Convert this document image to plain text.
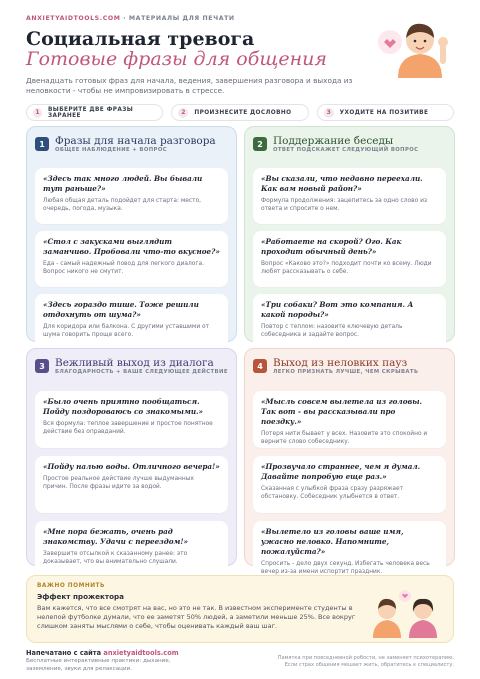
ANXIETYAIDTOOLS.COM · МАТЕРИАЛЫ ДЛЯ ПЕЧАТИ
Социальная тревога
Готовые фразы для общения
Двенадцать готовых фраз для начала, ведения, завершения разговора и выхода из неловкости - чтобы не импровизировать в стрессе.
1	ВЫБЕРИТЕ ДВЕ ФРАЗЫ ЗАРАНЕЕ	2	ПРОИЗНЕСИТЕ ДОСЛОВНО	3	УХОДИТЕ НА ПОЗИТИВЕ
1 Фразы для начала разговора
ОБЩЕЕ НАБЛЮДЕНИЕ + ВОПРОС
«Здесь так много людей. Вы бывали тут раньше?»
Любая общая деталь подойдет для старта: место, очередь, погода, музыка.
«Стол с закусками выглядит заманчиво. Пробовали что-то вкусное?»
Еда - самый надежный повод для легкого диалога. Вопрос никого не смутит.
«Здесь гораздо тише. Тоже решили отдохнуть от шума?»
Для коридора или балкона. С другими уставшими от шума говорить проще всего.
2 Поддержание беседы
ОТВЕТ ПОДСКАЖЕТ СЛЕДУЮЩИЙ ВОПРОС
«Вы сказали, что недавно переехали. Как вам новый район?»
Формула продолжения: зацепитесь за одно слово из ответа и спросите о нем.
«Работаете на скорой? Ого. Как проходит обычный день?»
Вопрос «Каково это?» подходит почти ко всему. Люди любят рассказывать о себе.
«Три собаки? Вот это компания. А какой породы?»
Повтор с теплом: назовите ключевую деталь собеседника и задайте вопрос.
3 Вежливый выход из диалога
БЛАГОДАРНОСТЬ + ВАШЕ СЛЕДУЮЩЕЕ ДЕЙСТВИЕ
«Было очень приятно пообщаться. Пойду поздороваюсь со знакомыми.»
Вся формула: теплое завершение и простое понятное действие без оправданий.
«Пойду налью воды. Отличного вечера!»
Простое реальное действие лучше выдуманных причин. После фразы идите за водой.
«Мне пора бежать, очень рад знакомству. Удачи с переездом!»
Завершите отсылкой к сказанному ранее: это доказывает, что вы внимательно слушали.
4 Выход из неловких пауз
ЛЕГКО ПРИЗНАТЬ ЛУЧШЕ, ЧЕМ СКРЫВАТЬ
«Мысль совсем вылетела из головы. Так вот - вы рассказывали про поездку.»
Потеря нити бывает у всех. Назовите это спокойно и верните слово собеседнику.
«Прозвучало страннее, чем я думал. Давайте попробую еще раз.»
Сказанная с улыбкой фраза сразу разряжает обстановку. Собеседник улыбнется в ответ.
«Вылетело из головы ваше имя, ужасно неловко. Напомните, пожалуйста?»
Спросить - дело двух секунд. Избегать человека весь вечер из-за имени испортит праздник.
ВАЖНО ПОМНИТЬ
Эффект прожектора
Вам кажется, что все смотрят на вас, но это не так. В известном эксперименте студенты в нелепой футболке думали, что ее заметят 50% людей, а заметили меньше 25%. Все вокруг слишком заняты мыслями о себе, чтобы оценивать каждый ваш шаг.
Напечатано с сайта anxietyaidtools.com
Бесплатные интерактивные практики: дыхание, заземление, звуки для релаксации.
Памятка при повседневной робости, не заменяет психотерапию. Если страх общения мешает жить, обратитесь к специалисту.
